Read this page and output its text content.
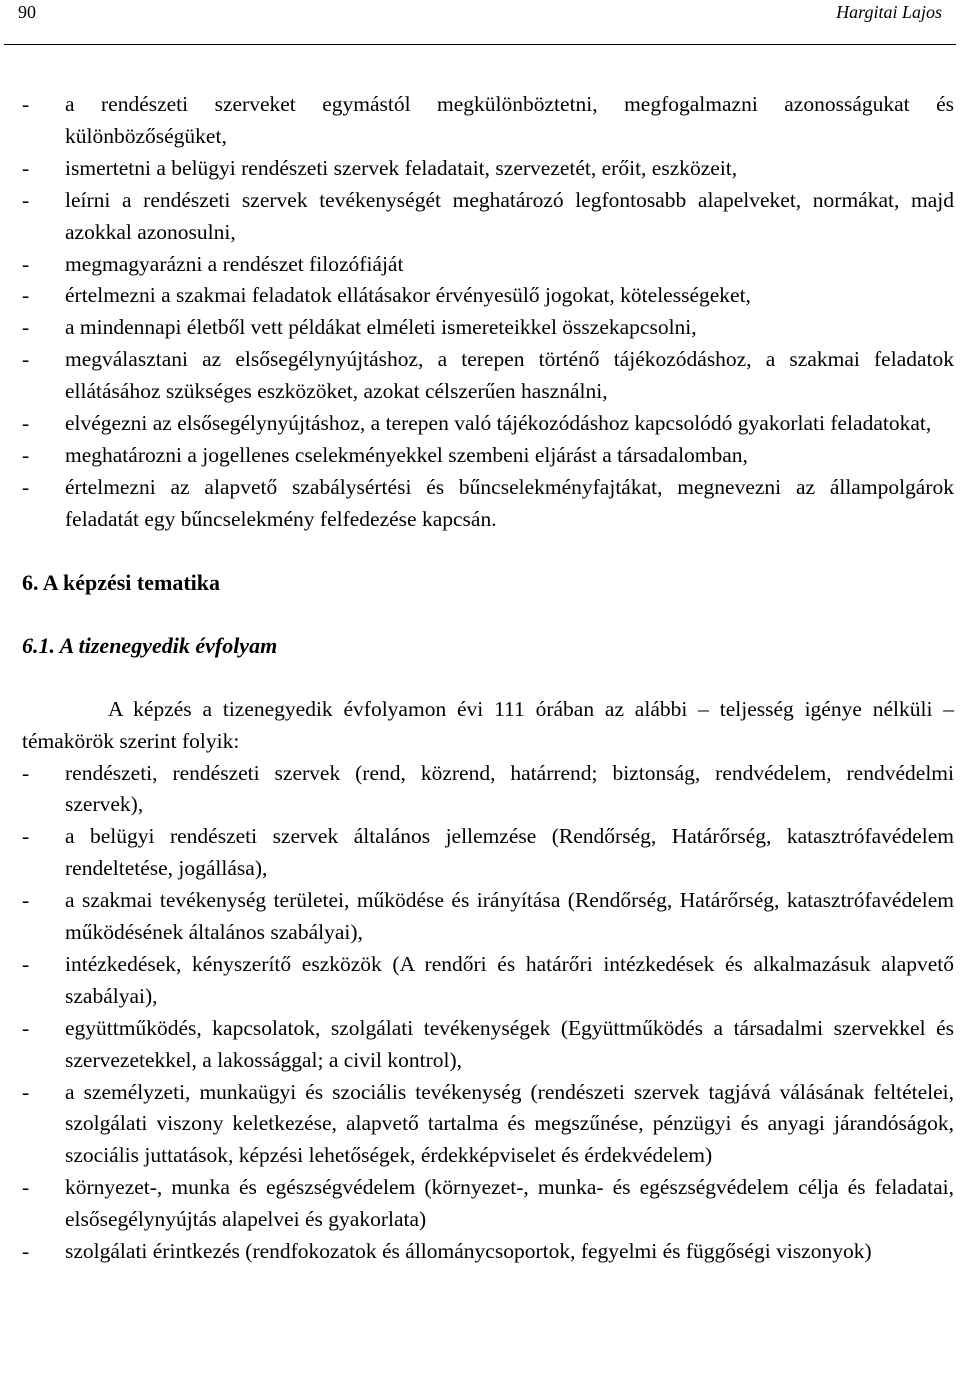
90	Hargitai Lajos
- a rendészeti szerveket egymástól megkülönböztetni, megfogalmazni azonosságukat és különbözőségüket,
- ismertetni a belügyi rendészeti szervek feladatait, szervezetét, erőit, eszközeit,
- leírni a rendészeti szervek tevékenységét meghatározó legfontosabb alapelveket, normákat, majd azokkal azonosulni,
- megmagyarázni a rendészet filozófiáját
- értelmezni a szakmai feladatok ellátásakor érvényesülő jogokat, kötelességeket,
- a mindennapi életből vett példákat elméleti ismereteikkel összekapcsolni,
- megválasztani az elsősegélynyújtáshoz, a terepen történő tájékozódáshoz, a szakmai feladatok ellátásához szükséges eszközöket, azokat célszerűen használni,
- elvégezni az elsősegélynyújtáshoz, a terepen való tájékozódáshoz kapcsolódó gyakorlati feladatokat,
- meghatározni a jogellenes cselekményekkel szembeni eljárást a társadalomban,
- értelmezni az alapvető szabálysértési és bűncselekményfajtákat, megnevezni az állampolgárok feladatát egy bűncselekmény felfedezése kapcsán.
6. A képzési tematika
6.1. A tizenegyedik évfolyam

A képzés a tizenegyedik évfolyamon évi 111 órában az alábbi – teljesség igénye nélküli – témakörök szerint folyik:

- rendészeti, rendészeti szervek (rend, közrend, határrend; biztonság, rendvédelem, rendvédelmi szervek),
- a belügyi rendészeti szervek általános jellemzése (Rendőrség, Határőrség, katasztrófavédelem rendeltetése, jogállása),
- a szakmai tevékenység területei, működése és irányítása (Rendőrség, Határőrség, katasztrófavédelem működésének általános szabályai),
- intézkedések, kényszerítő eszközök (A rendőri és határőri intézkedések és alkalmazásuk alapvető szabályai),
- együttműködés, kapcsolatok, szolgálati tevékenységek (Együttműködés a társadalmi szervekkel és szervezetekkel, a lakossággal; a civil kontrol),
- a személyzeti, munkaügyi és szociális tevékenység (rendészeti szervek tagjává válásának feltételei, szolgálati viszony keletkezése, alapvető tartalma és megszűnése, pénzügyi és anyagi járandóságok, szociális juttatások, képzési lehetőségek, érdekképviselet és érdekvédelem)
- környezet-, munka és egészségvédelem (környezet-, munka- és egészségvédelem célja és feladatai, elsősegélynyújtás alapelvei és gyakorlata)
- szolgálati érintkezés (rendfokozatok és állománycsoportok, fegyelmi és függőségi viszonyok)
